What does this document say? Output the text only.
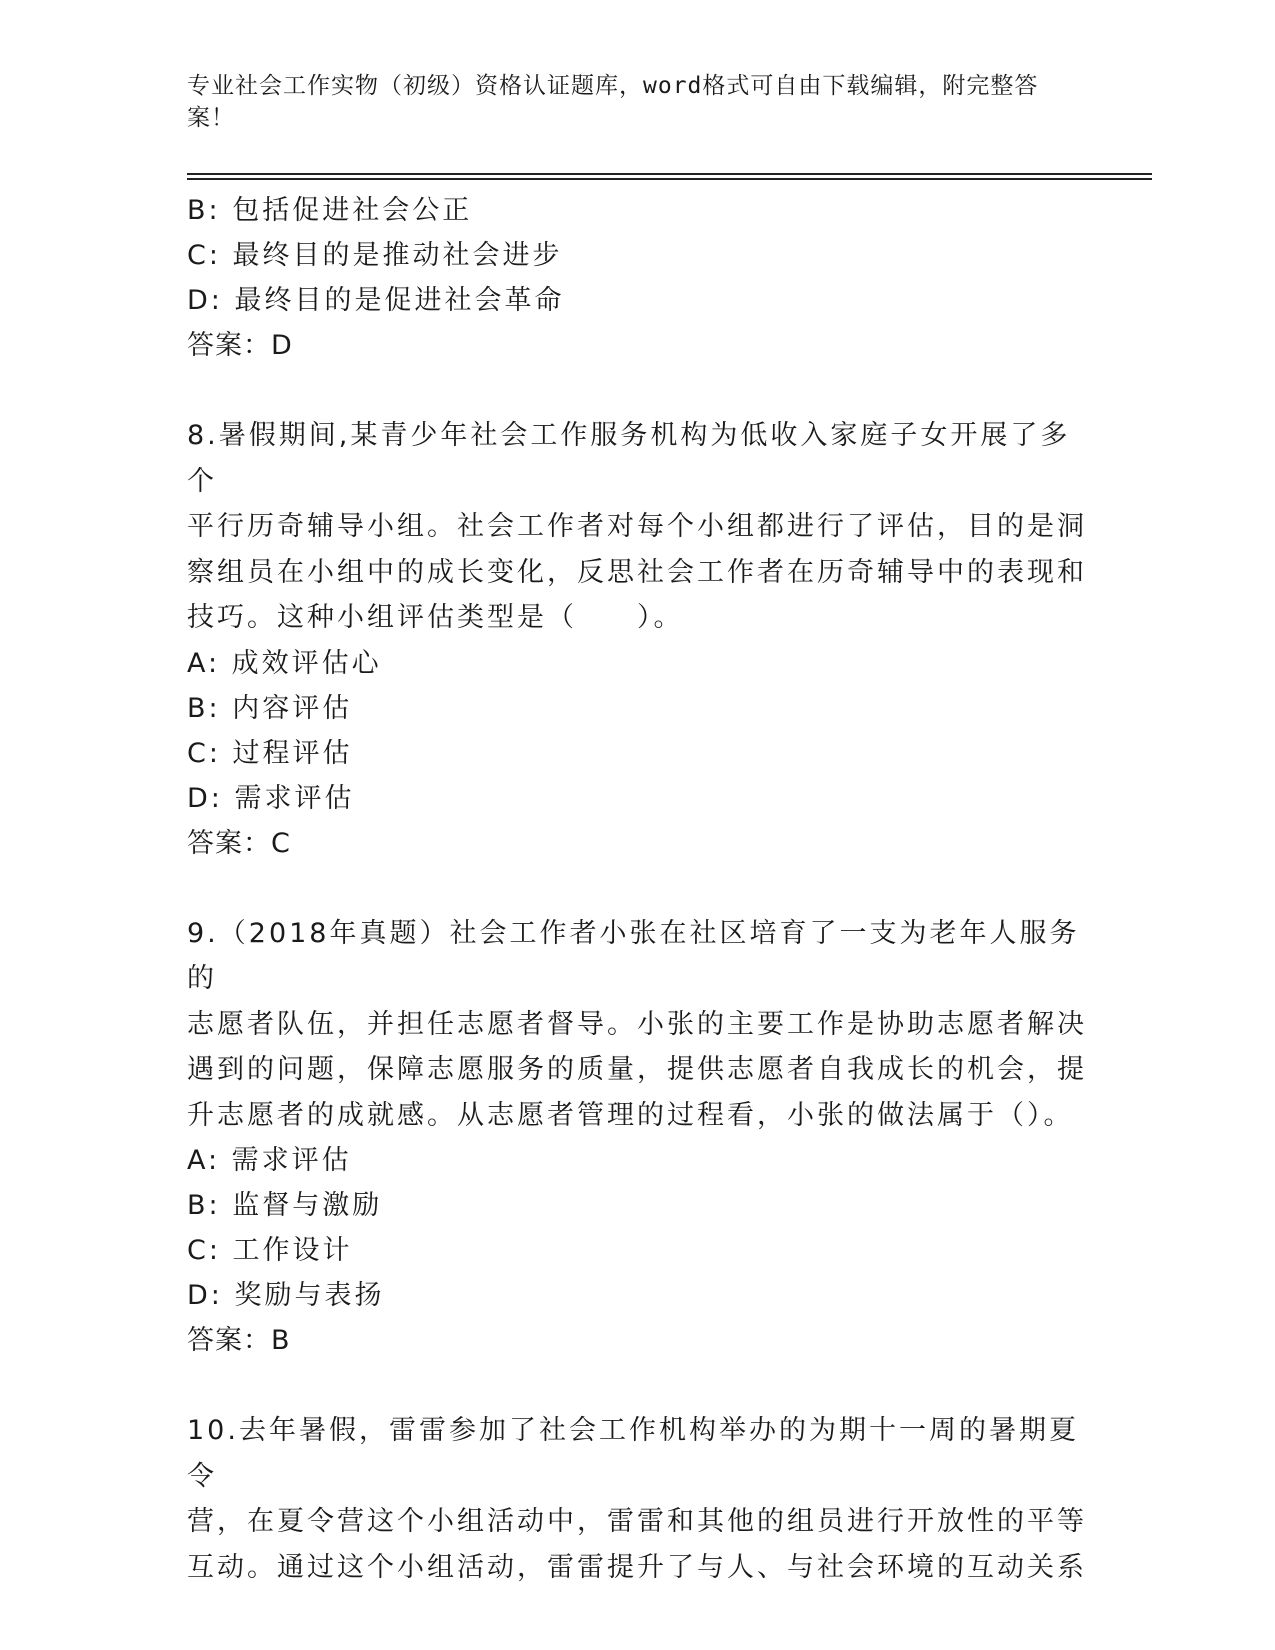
专业社会工作实物（初级）资格认证题库，word格式可自由下载编辑，附完整答案！
B: 包括促进社会公正
C: 最终目的是推动社会进步
D: 最终目的是促进社会革命
答案：D
8.暑假期间,某青少年社会工作服务机构为低收入家庭子女开展了多个
平行历奇辅导小组。社会工作者对每个小组都进行了评估，目的是洞
察组员在小组中的成长变化，反思社会工作者在历奇辅导中的表现和
技巧。这种小组评估类型是（　　）。
A: 成效评估心
B: 内容评估
C: 过程评估
D: 需求评估
答案：C
9.（2018年真题）社会工作者小张在社区培育了一支为老年人服务的
志愿者队伍，并担任志愿者督导。小张的主要工作是协助志愿者解决
遇到的问题，保障志愿服务的质量，提供志愿者自我成长的机会，提
升志愿者的成就感。从志愿者管理的过程看，小张的做法属于（）。
A: 需求评估
B: 监督与激励
C: 工作设计
D: 奖励与表扬
答案：B
10.去年暑假，雷雷参加了社会工作机构举办的为期十一周的暑期夏令
营，在夏令营这个小组活动中，雷雷和其他的组员进行开放性的平等
互动。通过这个小组活动，雷雷提升了与人、与社会环境的互动关系
